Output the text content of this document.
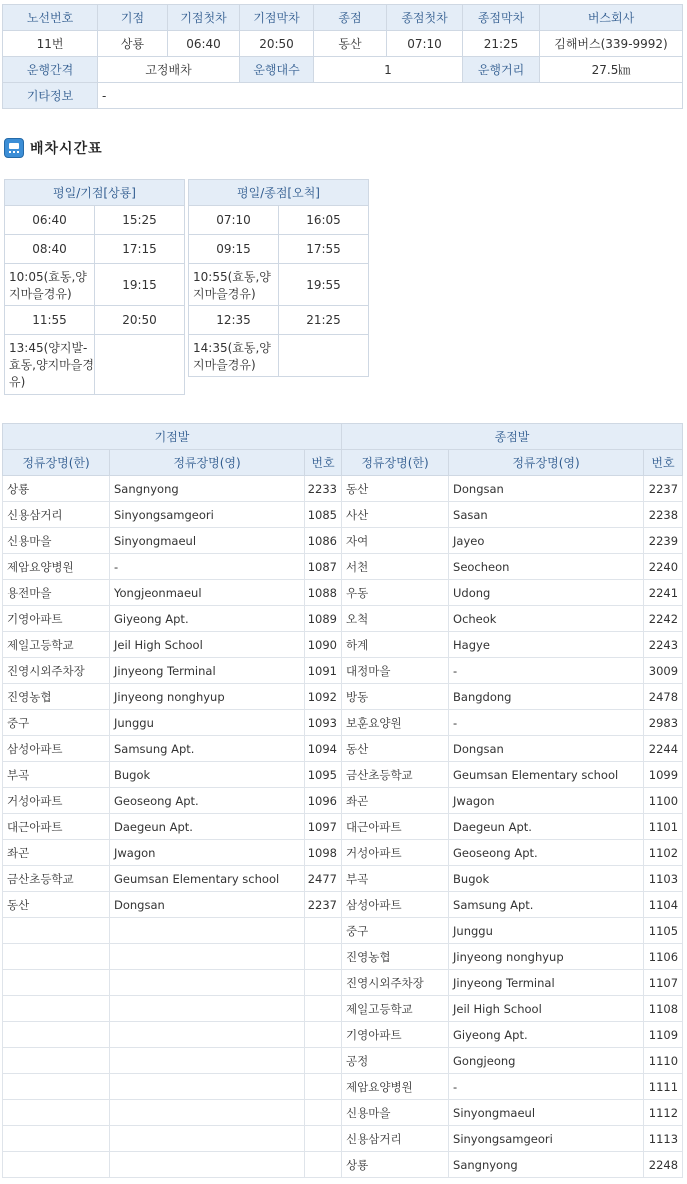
노선번호	기점	기점첫차	기점막차	종점	종점첫차	종점막차	버스회사
11번	상룡	06:40	20:50	동산	07:10	21:25	김해버스(339-9992)
운행간격	고정배차		운행대수	1		운행거리	27.5㎞
기타정보	-						
배차시간표
평일/기점[상룡]	
06:40	15:25
08:40	17:15
10:05(효동,양지마을경유)	19:15
11:55	20:50
13:45(양지발-효동,양지마을경유)	
평일/종점[오척]	
07:10	16:05
09:15	17:55
10:55(효동,양지마을경유)	19:55
12:35	21:25
14:35(효동,양지마을경유)	
기점발			종점발		
정류장명(한)	정류장명(영)	번호	정류장명(한)	정류장명(영)	번호
상룡	Sangnyong	2233	동산	Dongsan	2237
신용삼거리	Sinyongsamgeori	1085	사산	Sasan	2238
신용마을	Sinyongmaeul	1086	자여	Jayeo	2239
제암요양병원	-	1087	서천	Seocheon	2240
용전마을	Yongjeonmaeul	1088	우동	Udong	2241
기영아파트	Giyeong Apt.	1089	오척	Ocheok	2242
제일고등학교	Jeil High School	1090	하계	Hagye	2243
진영시외주차장	Jinyeong Terminal	1091	대정마을	-	3009
진영농협	Jinyeong nonghyup	1092	방동	Bangdong	2478
중구	Junggu	1093	보훈요양원	-	2983
삼성아파트	Samsung Apt.	1094	동산	Dongsan	2244
부곡	Bugok	1095	금산초등학교	Geumsan Elementary school	1099
거성아파트	Geoseong Apt.	1096	좌곤	Jwagon	1100
대근아파트	Daegeun Apt.	1097	대근아파트	Daegeun Apt.	1101
좌곤	Jwagon	1098	거성아파트	Geoseong Apt.	1102
금산초등학교	Geumsan Elementary school	2477	부곡	Bugok	1103
동산	Dongsan	2237	삼성아파트	Samsung Apt.	1104
			중구	Junggu	1105
			진영농협	Jinyeong nonghyup	1106
			진영시외주차장	Jinyeong Terminal	1107
			제일고등학교	Jeil High School	1108
			기영아파트	Giyeong Apt.	1109
			공정	Gongjeong	1110
			제암요양병원	-	1111
			신용마을	Sinyongmaeul	1112
			신용삼거리	Sinyongsamgeori	1113
			상룡	Sangnyong	2248
